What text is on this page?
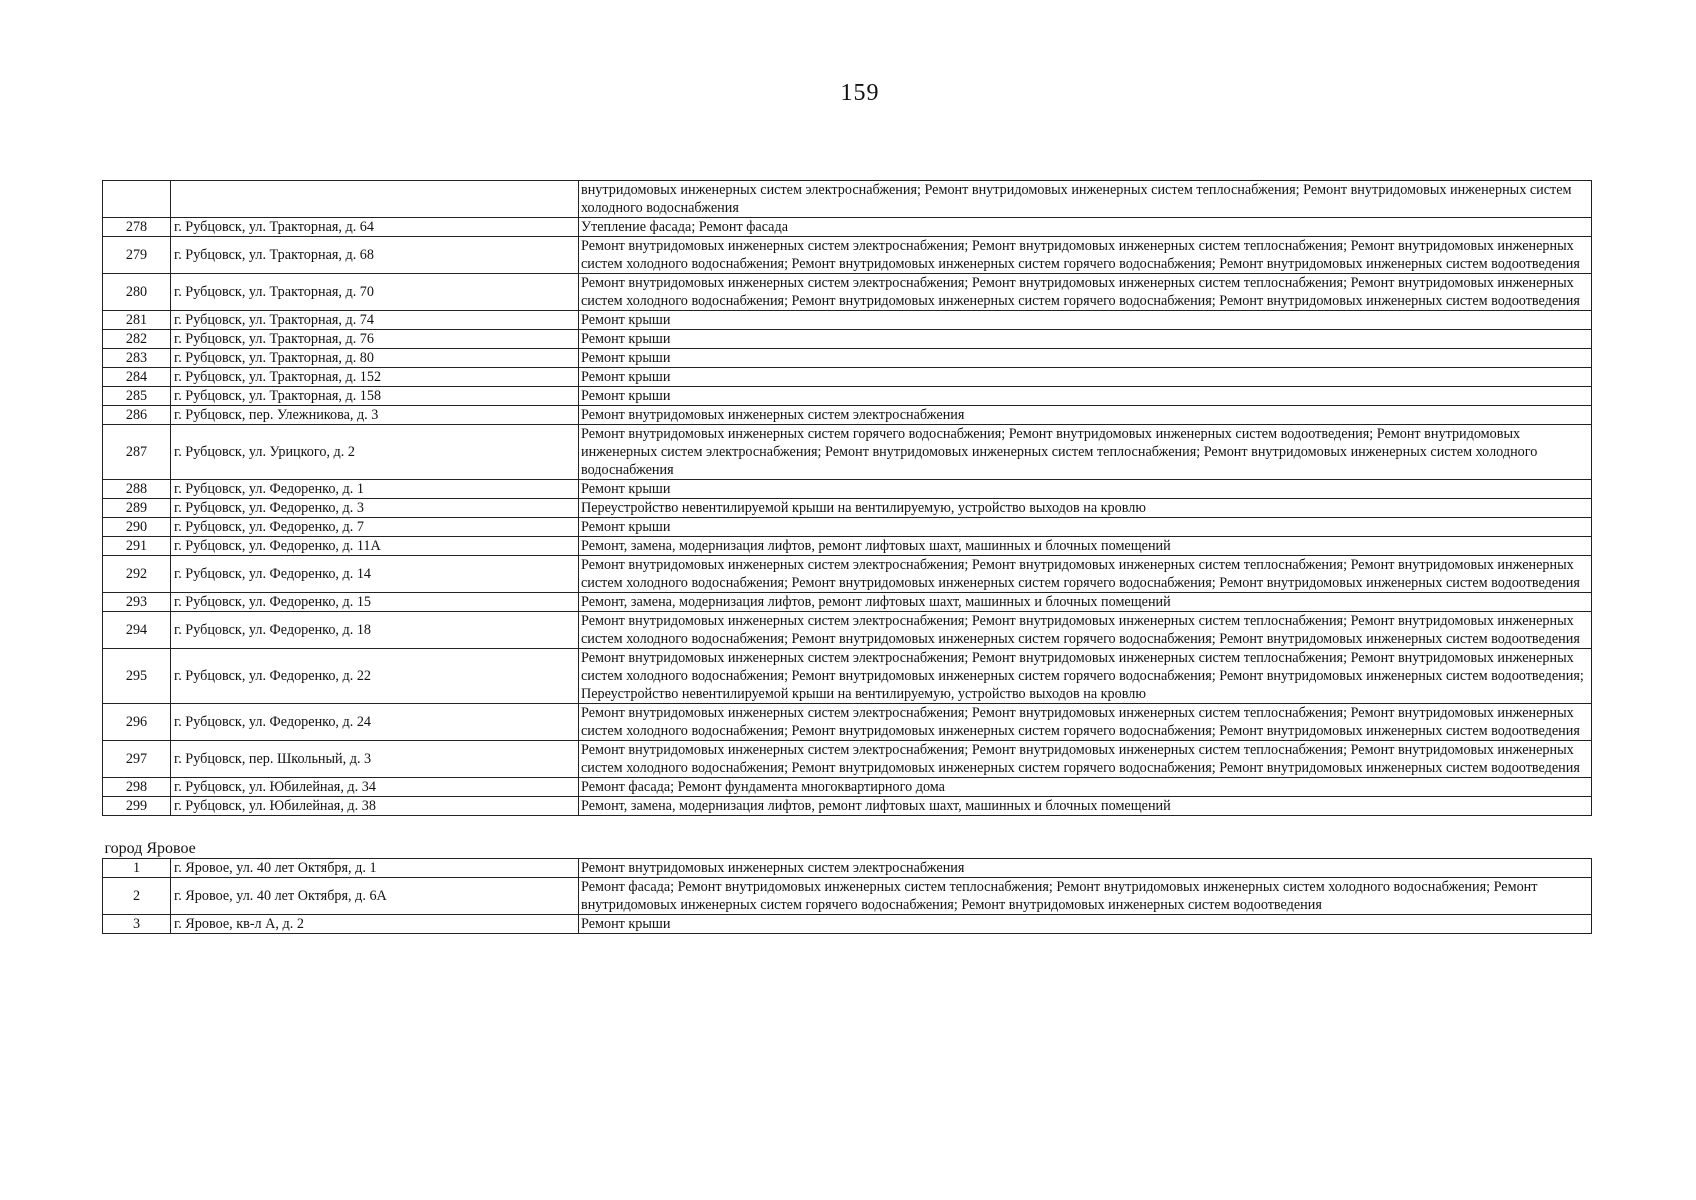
159
		внутридомовых инженерных систем электроснабжения; Ремонт внутридомовых инженерных систем теплоснабжения; Ремонт внутридомовых инженерных систем холодного водоснабжения
278	г. Рубцовск, ул. Тракторная, д. 64	Утепление фасада; Ремонт фасада
279	г. Рубцовск, ул. Тракторная, д. 68	Ремонт внутридомовых инженерных систем электроснабжения; Ремонт внутридомовых инженерных систем теплоснабжения; Ремонт внутридомовых инженерных систем холодного водоснабжения; Ремонт внутридомовых инженерных систем горячего водоснабжения; Ремонт внутридомовых инженерных систем водоотведения
280	г. Рубцовск, ул. Тракторная, д. 70	Ремонт внутридомовых инженерных систем электроснабжения; Ремонт внутридомовых инженерных систем теплоснабжения; Ремонт внутридомовых инженерных систем холодного водоснабжения; Ремонт внутридомовых инженерных систем горячего водоснабжения; Ремонт внутридомовых инженерных систем водоотведения
281	г. Рубцовск, ул. Тракторная, д. 74	Ремонт крыши
282	г. Рубцовск, ул. Тракторная, д. 76	Ремонт крыши
283	г. Рубцовск, ул. Тракторная, д. 80	Ремонт крыши
284	г. Рубцовск, ул. Тракторная, д. 152	Ремонт крыши
285	г. Рубцовск, ул. Тракторная, д. 158	Ремонт крыши
286	г. Рубцовск, пер. Улежникова, д. 3	Ремонт внутридомовых инженерных систем электроснабжения
287	г. Рубцовск, ул. Урицкого, д. 2	Ремонт внутридомовых инженерных систем горячего водоснабжения; Ремонт внутридомовых инженерных систем водоотведения; Ремонт внутридомовых инженерных систем электроснабжения; Ремонт внутридомовых инженерных систем теплоснабжения; Ремонт внутридомовых инженерных систем холодного водоснабжения
288	г. Рубцовск, ул. Федоренко, д. 1	Ремонт крыши
289	г. Рубцовск, ул. Федоренко, д. 3	Переустройство невентилируемой крыши на вентилируемую, устройство выходов на кровлю
290	г. Рубцовск, ул. Федоренко, д. 7	Ремонт крыши
291	г. Рубцовск, ул. Федоренко, д. 11А	Ремонт, замена, модернизация лифтов, ремонт лифтовых шахт, машинных и блочных помещений
292	г. Рубцовск, ул. Федоренко, д. 14	Ремонт внутридомовых инженерных систем электроснабжения; Ремонт внутридомовых инженерных систем теплоснабжения; Ремонт внутридомовых инженерных систем холодного водоснабжения; Ремонт внутридомовых инженерных систем горячего водоснабжения; Ремонт внутридомовых инженерных систем водоотведения
293	г. Рубцовск, ул. Федоренко, д. 15	Ремонт, замена, модернизация лифтов, ремонт лифтовых шахт, машинных и блочных помещений
294	г. Рубцовск, ул. Федоренко, д. 18	Ремонт внутридомовых инженерных систем электроснабжения; Ремонт внутридомовых инженерных систем теплоснабжения; Ремонт внутридомовых инженерных систем холодного водоснабжения; Ремонт внутридомовых инженерных систем горячего водоснабжения; Ремонт внутридомовых инженерных систем водоотведения
295	г. Рубцовск, ул. Федоренко, д. 22	Ремонт внутридомовых инженерных систем электроснабжения; Ремонт внутридомовых инженерных систем теплоснабжения; Ремонт внутридомовых инженерных систем холодного водоснабжения; Ремонт внутридомовых инженерных систем горячего водоснабжения; Ремонт внутридомовых инженерных систем водоотведения; Переустройство невентилируемой крыши на вентилируемую, устройство выходов на кровлю
296	г. Рубцовск, ул. Федоренко, д. 24	Ремонт внутридомовых инженерных систем электроснабжения; Ремонт внутридомовых инженерных систем теплоснабжения; Ремонт внутридомовых инженерных систем холодного водоснабжения; Ремонт внутридомовых инженерных систем горячего водоснабжения; Ремонт внутридомовых инженерных систем водоотведения
297	г. Рубцовск, пер. Школьный, д. 3	Ремонт внутридомовых инженерных систем электроснабжения; Ремонт внутридомовых инженерных систем теплоснабжения; Ремонт внутридомовых инженерных систем холодного водоснабжения; Ремонт внутридомовых инженерных систем горячего водоснабжения; Ремонт внутридомовых инженерных систем водоотведения
298	г. Рубцовск, ул. Юбилейная, д. 34	Ремонт фасада; Ремонт фундамента многоквартирного дома
299	г. Рубцовск, ул. Юбилейная, д. 38	Ремонт, замена, модернизация лифтов, ремонт лифтовых шахт, машинных и блочных помещений
город Яровое		
1	г. Яровое, ул. 40 лет Октября, д. 1	Ремонт внутридомовых инженерных систем электроснабжения
2	г. Яровое, ул. 40 лет Октября, д. 6А	Ремонт фасада; Ремонт внутридомовых инженерных систем теплоснабжения; Ремонт внутридомовых инженерных систем холодного водоснабжения; Ремонт внутридомовых инженерных систем горячего водоснабжения; Ремонт внутридомовых инженерных систем водоотведения
3	г. Яровое, кв-л А, д. 2	Ремонт крыши
